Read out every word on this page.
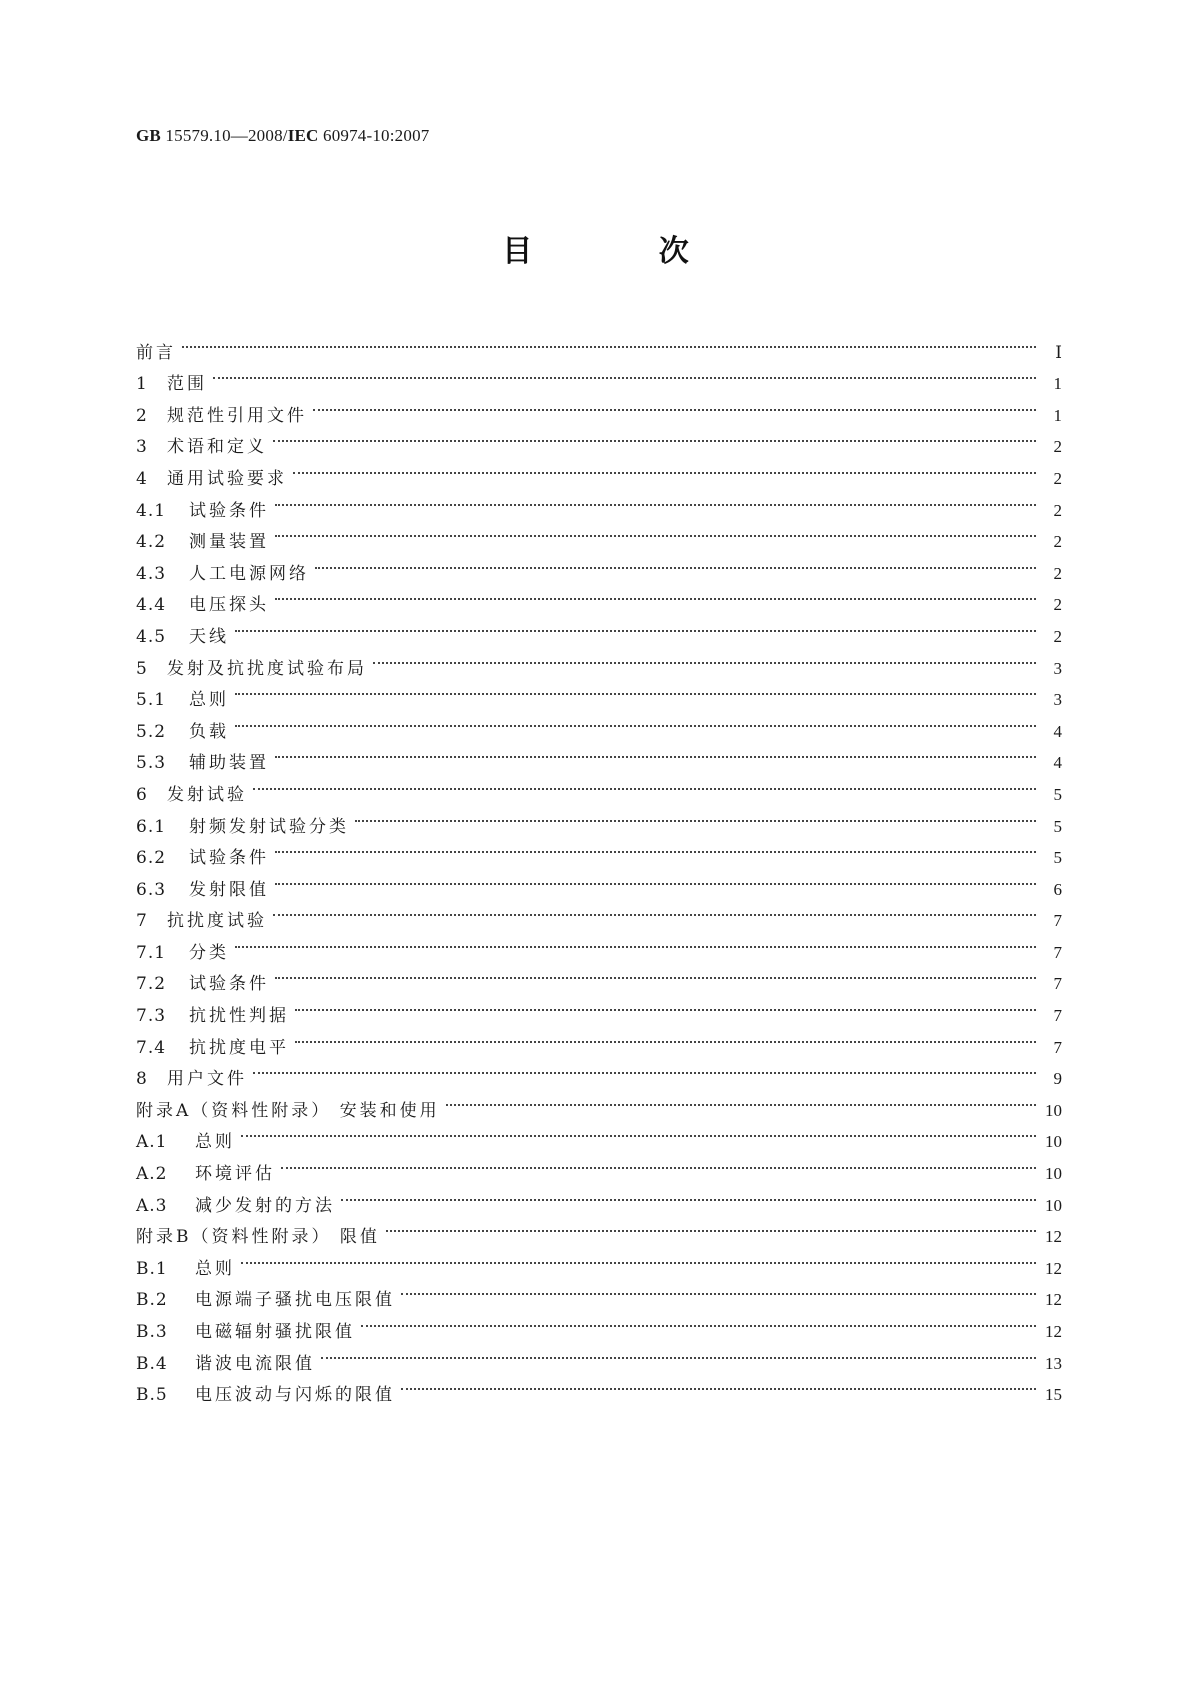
GB 15579.10—2008/IEC 60974-10:2007
目 次
前言	Ⅰ
1	范围	1
2	规范性引用文件	1
3	术语和定义	2
4	通用试验要求	2
4.1	试验条件	2
4.2	测量装置	2
4.3	人工电源网络	2
4.4	电压探头	2
4.5	天线	2
5	发射及抗扰度试验布局	3
5.1	总则	3
5.2	负载	4
5.3	辅助装置	4
6	发射试验	5
6.1	射频发射试验分类	5
6.2	试验条件	5
6.3	发射限值	6
7	抗扰度试验	7
7.1	分类	7
7.2	试验条件	7
7.3	抗扰性判据	7
7.4	抗扰度电平	7
8	用户文件	9
附录A（资料性附录） 安装和使用	10
A.1	总则	10
A.2	环境评估	10
A.3	减少发射的方法	10
附录B（资料性附录） 限值	12
B.1	总则	12
B.2	电源端子骚扰电压限值	12
B.3	电磁辐射骚扰限值	12
B.4	谐波电流限值	13
B.5	电压波动与闪烁的限值	15
